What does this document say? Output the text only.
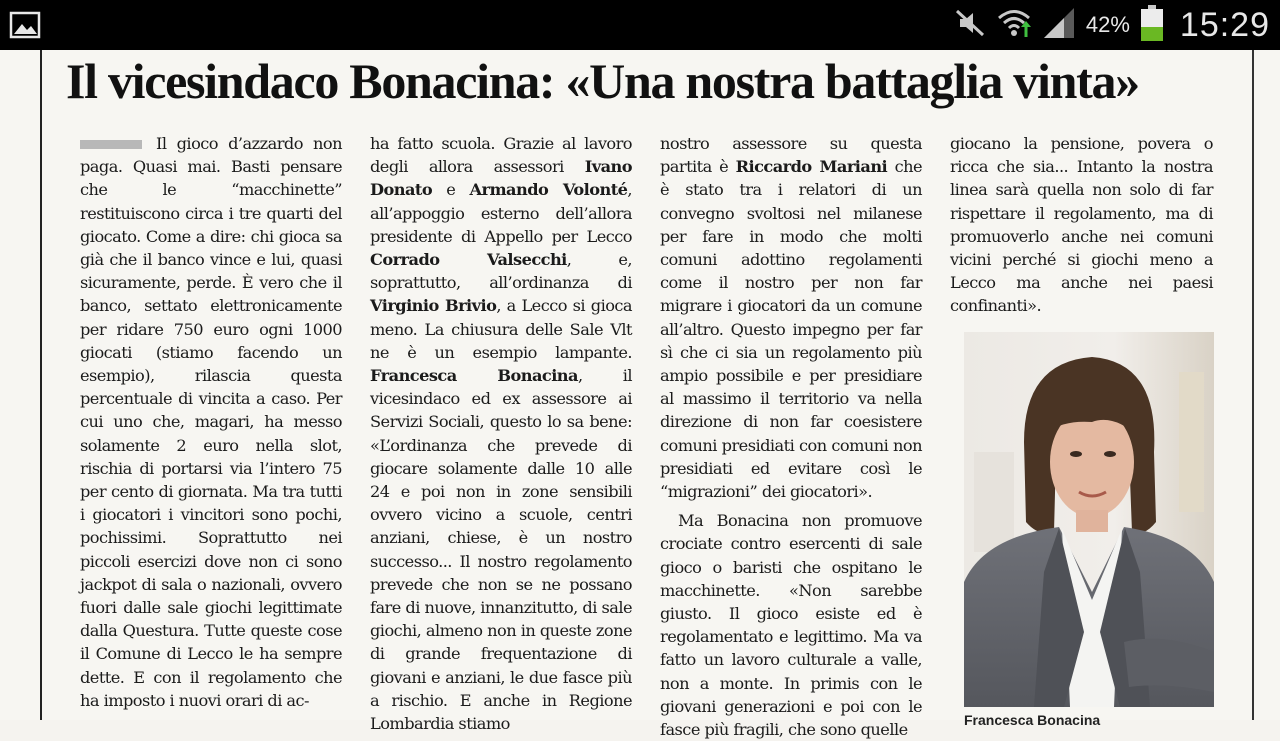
42% 15:29
Il vicesindaco Bonacina: «Una nostra battaglia vinta»

Il gioco d’azzardo non paga. Quasi mai. Basti pensare che le “macchinette” restituiscono circa i tre quarti del giocato. Come a dire: chi gioca sa già che il banco vince e lui, quasi sicuramente, perde. È vero che il banco, settato elettronicamente per ridare 750 euro ogni 1000 giocati (stiamo facendo un esempio), rilascia questa percentuale di vincita a caso. Per cui uno che, magari, ha messo solamente 2 euro nella slot, rischia di portarsi via l’intero 75 per cento di giornata. Ma tra tutti i giocatori i vincitori sono pochi, pochissimi. Soprattutto nei piccoli esercizi dove non ci sono jackpot di sala o nazionali, ovvero fuori dalle sale giochi legittimate dalla Questura. Tutte queste cose il Comune di Lecco le ha sempre dette. E con il regolamento che ha imposto i nuovi orari di ac-

ha fatto scuola. Grazie al lavoro degli allora assessori Ivano Donato e Armando Volonté, all’appoggio esterno dell’allora presidente di Appello per Lecco Corrado Valsecchi, e, soprattutto, all’ordinanza di Virginio Brivio, a Lecco si gioca meno. La chiusura delle Sale Vlt ne è un esempio lampante. Francesca Bonacina, il vicesindaco ed ex assessore ai Servizi Sociali, questo lo sa bene: «L’ordinanza che prevede di giocare solamente dalle 10 alle 24 e poi non in zone sensibili ovvero vicino a scuole, centri anziani, chiese, è un nostro successo... Il nostro regolamento prevede che non se ne possano fare di nuove, innanzitutto, di sale giochi, almeno non in queste zone di grande frequentazione di giovani e anziani, le due fasce più a rischio. E anche in Regione Lombardia stiamo

nostro assessore su questa partita è Riccardo Mariani che è stato tra i relatori di un convegno svoltosi nel milanese per fare in modo che molti comuni adottino regolamenti come il nostro per non far migrare i giocatori da un comune all’altro. Questo impegno per far sì che ci sia un regolamento più ampio possibile e per presidiare al massimo il territorio va nella direzione di non far coesistere comuni presidiati con comuni non presidiati ed evitare così le “migrazioni” dei giocatori».

Ma Bonacina non promuove crociate contro esercenti di sale gioco o baristi che ospitano le macchinette. «Non sarebbe giusto. Il gioco esiste ed è regolamentato e legittimo. Ma va fatto un lavoro culturale a valle, non a monte. In primis con le giovani generazioni e poi con le fasce più fragili, che sono quelle

giocano la pensione, povera o ricca che sia... Intanto la nostra linea sarà quella non solo di far rispettare il regolamento, ma di promuoverlo anche nei comuni vicini perché si giochi meno a Lecco ma anche nei paesi confinanti».

Francesca Bonacina
